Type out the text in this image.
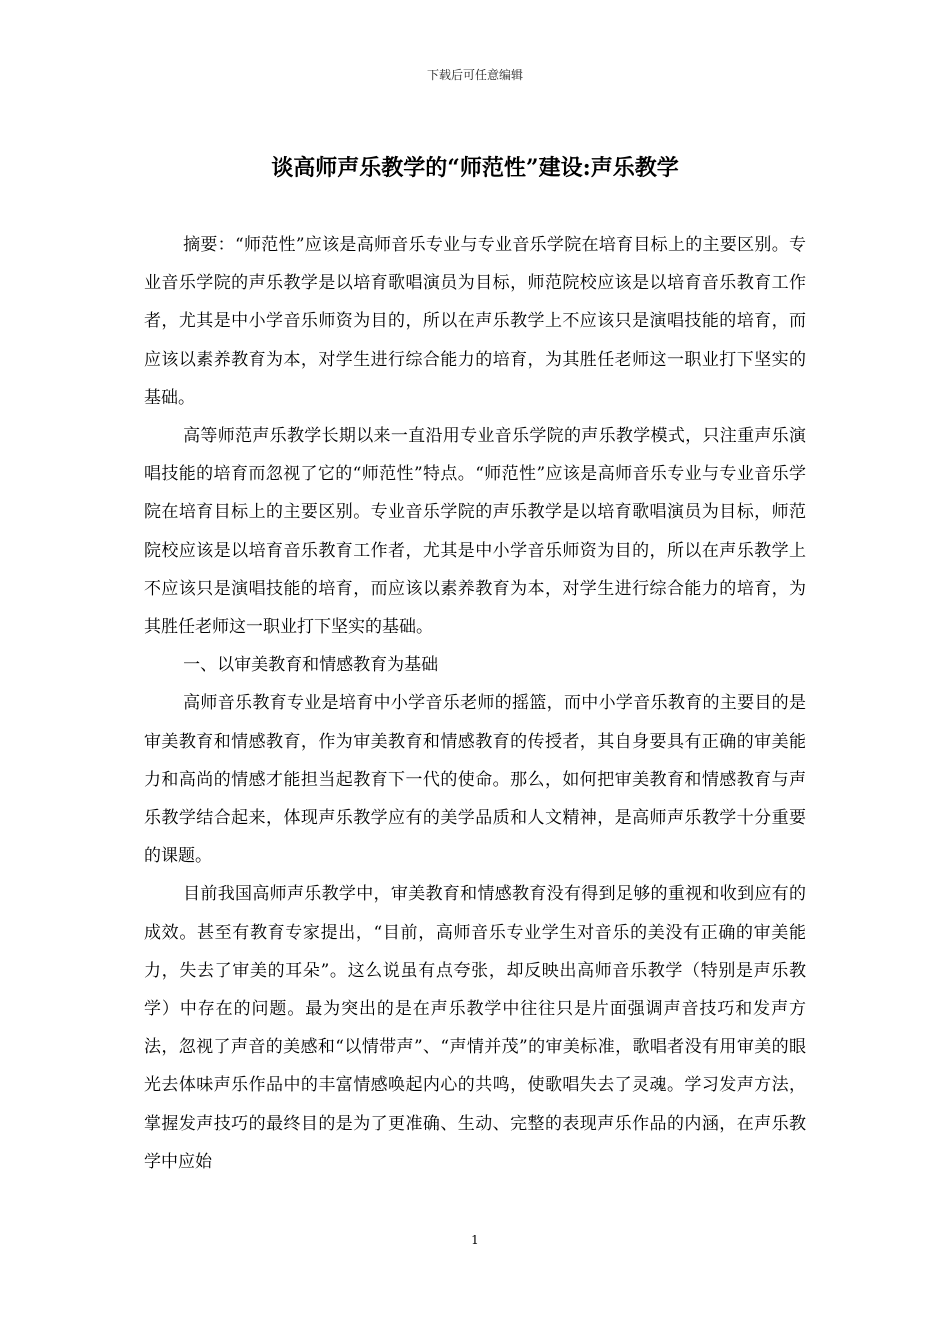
下载后可任意编辑
谈高师声乐教学的“师范性”建设:声乐教学

摘要：“师范性”应该是高师音乐专业与专业音乐学院在培育目标上的主要区别。专业音乐学院的声乐教学是以培育歌唱演员为目标，师范院校应该是以培育音乐教育工作者，尤其是中小学音乐师资为目的，所以在声乐教学上不应该只是演唱技能的培育，而应该以素养教育为本，对学生进行综合能力的培育，为其胜任老师这一职业打下坚实的基础。

高等师范声乐教学长期以来一直沿用专业音乐学院的声乐教学模式，只注重声乐演唱技能的培育而忽视了它的“师范性”特点。“师范性”应该是高师音乐专业与专业音乐学院在培育目标上的主要区别。专业音乐学院的声乐教学是以培育歌唱演员为目标，师范院校应该是以培育音乐教育工作者，尤其是中小学音乐师资为目的，所以在声乐教学上不应该只是演唱技能的培育，而应该以素养教育为本，对学生进行综合能力的培育，为其胜任老师这一职业打下坚实的基础。

一、以审美教育和情感教育为基础

高师音乐教育专业是培育中小学音乐老师的摇篮，而中小学音乐教育的主要目的是审美教育和情感教育，作为审美教育和情感教育的传授者，其自身要具有正确的审美能力和高尚的情感才能担当起教育下一代的使命。那么，如何把审美教育和情感教育与声乐教学结合起来，体现声乐教学应有的美学品质和人文精神，是高师声乐教学十分重要的课题。

目前我国高师声乐教学中，审美教育和情感教育没有得到足够的重视和收到应有的成效。甚至有教育专家提出，“目前，高师音乐专业学生对音乐的美没有正确的审美能力，失去了审美的耳朵”。这么说虽有点夸张，却反映出高师音乐教学（特别是声乐教学）中存在的问题。最为突出的是在声乐教学中往往只是片面强调声音技巧和发声方法，忽视了声音的美感和“以情带声”、“声情并茂”的审美标准，歌唱者没有用审美的眼光去体味声乐作品中的丰富情感唤起内心的共鸣，使歌唱失去了灵魂。学习发声方法，掌握发声技巧的最终目的是为了更准确、生动、完整的表现声乐作品的内涵，在声乐教学中应始

1
